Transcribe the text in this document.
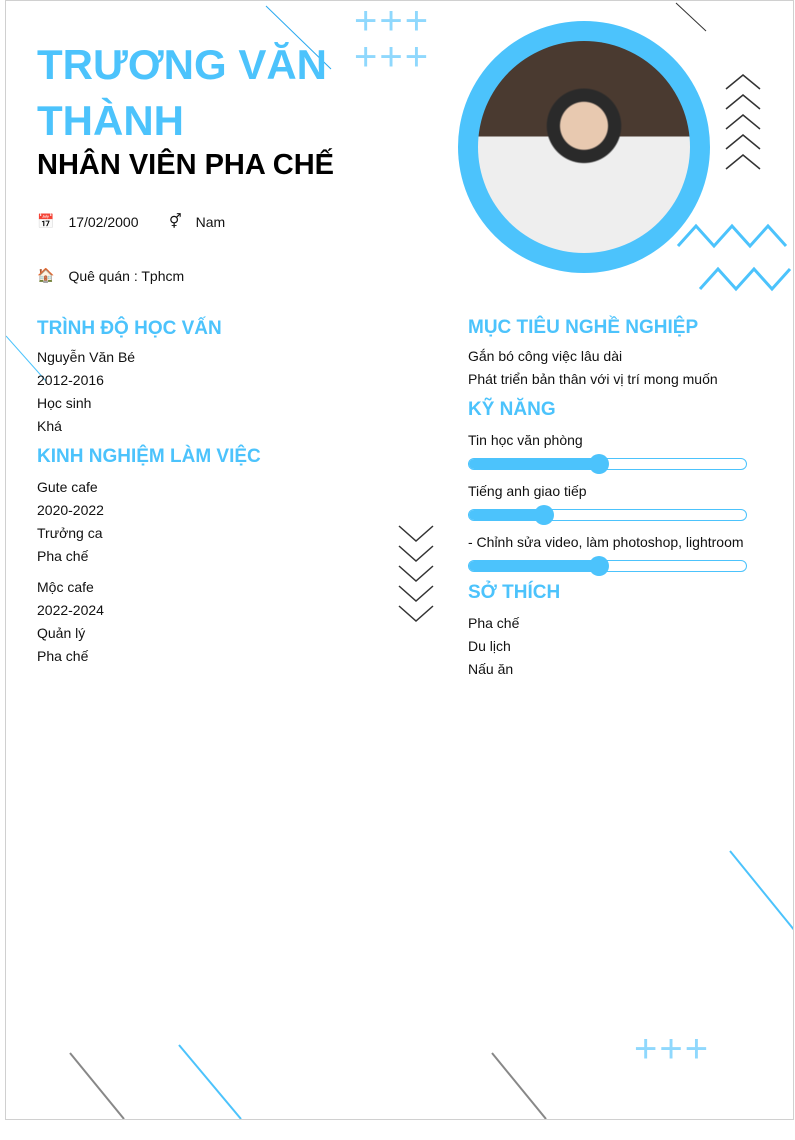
+++
+++
+++
TRƯƠNG VĂN THÀNH
NHÂN VIÊN PHA CHẾ
📅 17/02/2000 ⚥ Nam
🏠 Quê quán : Tphcm
TRÌNH ĐỘ HỌC VẤN
Nguyễn Văn Bé
2012-2016
Học sinh
Khá
KINH NGHIỆM LÀM VIỆC
Gute cafe
2020-2022
Trưởng ca
Pha chế
Mộc cafe
2022-2024
Quản lý
Pha chế
MỤC TIÊU NGHỀ NGHIỆP
Gắn bó công việc lâu dài
Phát triển bản thân với vị trí mong muốn
KỸ NĂNG
Tin học văn phòng
Tiếng anh giao tiếp
- Chỉnh sửa video, làm photoshop, lightroom
SỞ THÍCH
Pha chế
Du lịch
Nấu ăn
